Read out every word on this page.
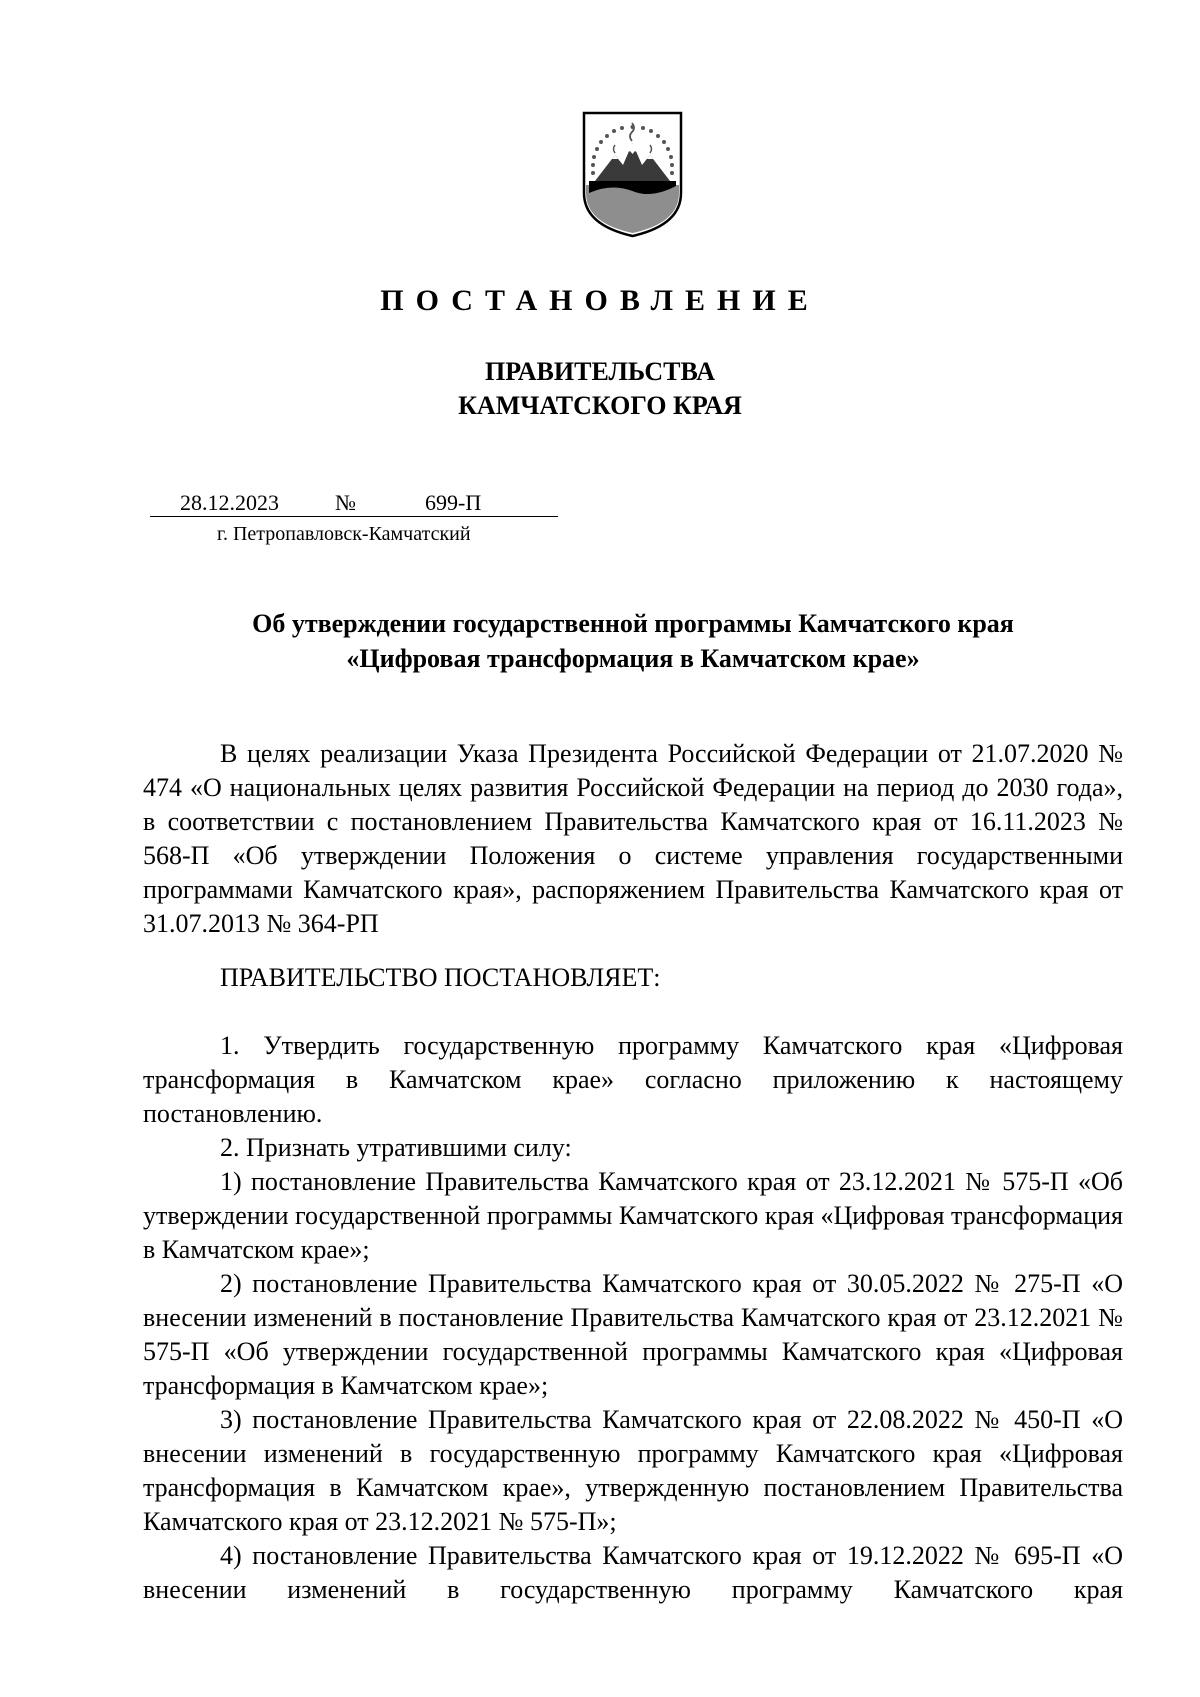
ПОСТАНОВЛЕНИЕ
ПРАВИТЕЛЬСТВА
КАМЧАТСКОГО КРАЯ
28.12.2023	№	699-П
г. Петропавловск-Камчатский
Об утверждении государственной программы Камчатского края
«Цифровая трансформация в Камчатском крае»

В целях реализации Указа Президента Российской Федерации от 21.07.2020 № 474 «О национальных целях развития Российской Федерации на период до 2030 года», в соответствии с постановлением Правительства Камчатского края от 16.11.2023 № 568-П «Об утверждении Положения о системе управления государственными программами Камчатского края», распоряжением Правительства Камчатского края от 31.07.2013 № 364-РП

ПРАВИТЕЛЬСТВО ПОСТАНОВЛЯЕТ:

1. Утвердить государственную программу Камчатского края «Цифровая трансформация в Камчатском крае» согласно приложению к настоящему постановлению.

2. Признать утратившими силу:

1) постановление Правительства Камчатского края от 23.12.2021 № 575-П «Об утверждении государственной программы Камчатского края «Цифровая трансформация в Камчатском крае»;

2) постановление Правительства Камчатского края от 30.05.2022 № 275-П «О внесении изменений в постановление Правительства Камчатского края от 23.12.2021 № 575-П «Об утверждении государственной программы Камчатского края «Цифровая трансформация в Камчатском крае»;

3) постановление Правительства Камчатского края от 22.08.2022 № 450-П «О внесении изменений в государственную программу Камчатского края «Цифровая трансформация в Камчатском крае», утвержденную постановлением Правительства Камчатского края от 23.12.2021 № 575-П»;

4) постановление Правительства Камчатского края от 19.12.2022 № 695-П «О внесении изменений в государственную программу Камчатского края
